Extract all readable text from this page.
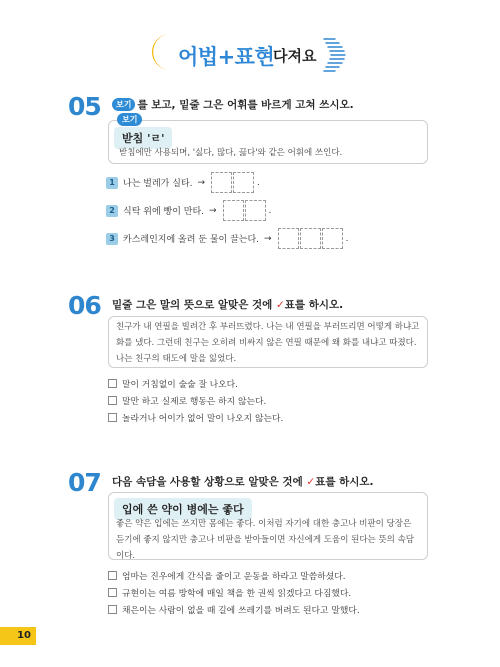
어법+표현
다져요
05	보기 를 보고, 밑줄 그은 어휘를 바르게 고쳐 쓰시오.
보기
받침 'ㄹ'
받침에만 사용되며, '싫다, 많다, 끓다'와 같은 어휘에 쓰인다.
1 나는 벌레가 실타. →	.
2 식탁 위에 빵이 만타. →	.
3 카스레인지에 올려 둔 물이 끌는다. →	.
06 밑줄 그은 말의 뜻으로 알맞은 것에 ✓표를 하시오.
친구가 내 연필을 빌려간 후 부러뜨렸다. 나는 내 연필을 부러뜨리면 어떻게 하냐고 화를 냈다. 그런데 친구는 오히려 비싸지 않은 연필 때문에 왜 화를 내냐고 따졌다. 나는 친구의 태도에 말을 잃었다.
말이 거침없이 술술 잘 나오다.
말만 하고 실제로 행동은 하지 않는다.
놀라거나 어이가 없어 말이 나오지 않는다.
07 다음 속담을 사용할 상황으로 알맞은 것에 ✓표를 하시오.
입에 쓴 약이 병에는 좋다
좋은 약은 입에는 쓰지만 몸에는 좋다. 이처럼 자기에 대한 충고나 비판이 당장은 듣기에 좋지 않지만 충고나 비판을 받아들이면 자신에게 도움이 된다는 뜻의 속담이다.
엄마는 진우에게 간식을 줄이고 운동을 하라고 말씀하셨다.
규현이는 여름 방학에 매일 책을 한 권씩 읽겠다고 다짐했다.
채은이는 사람이 없을 때 길에 쓰레기를 버려도 된다고 말했다.
10
